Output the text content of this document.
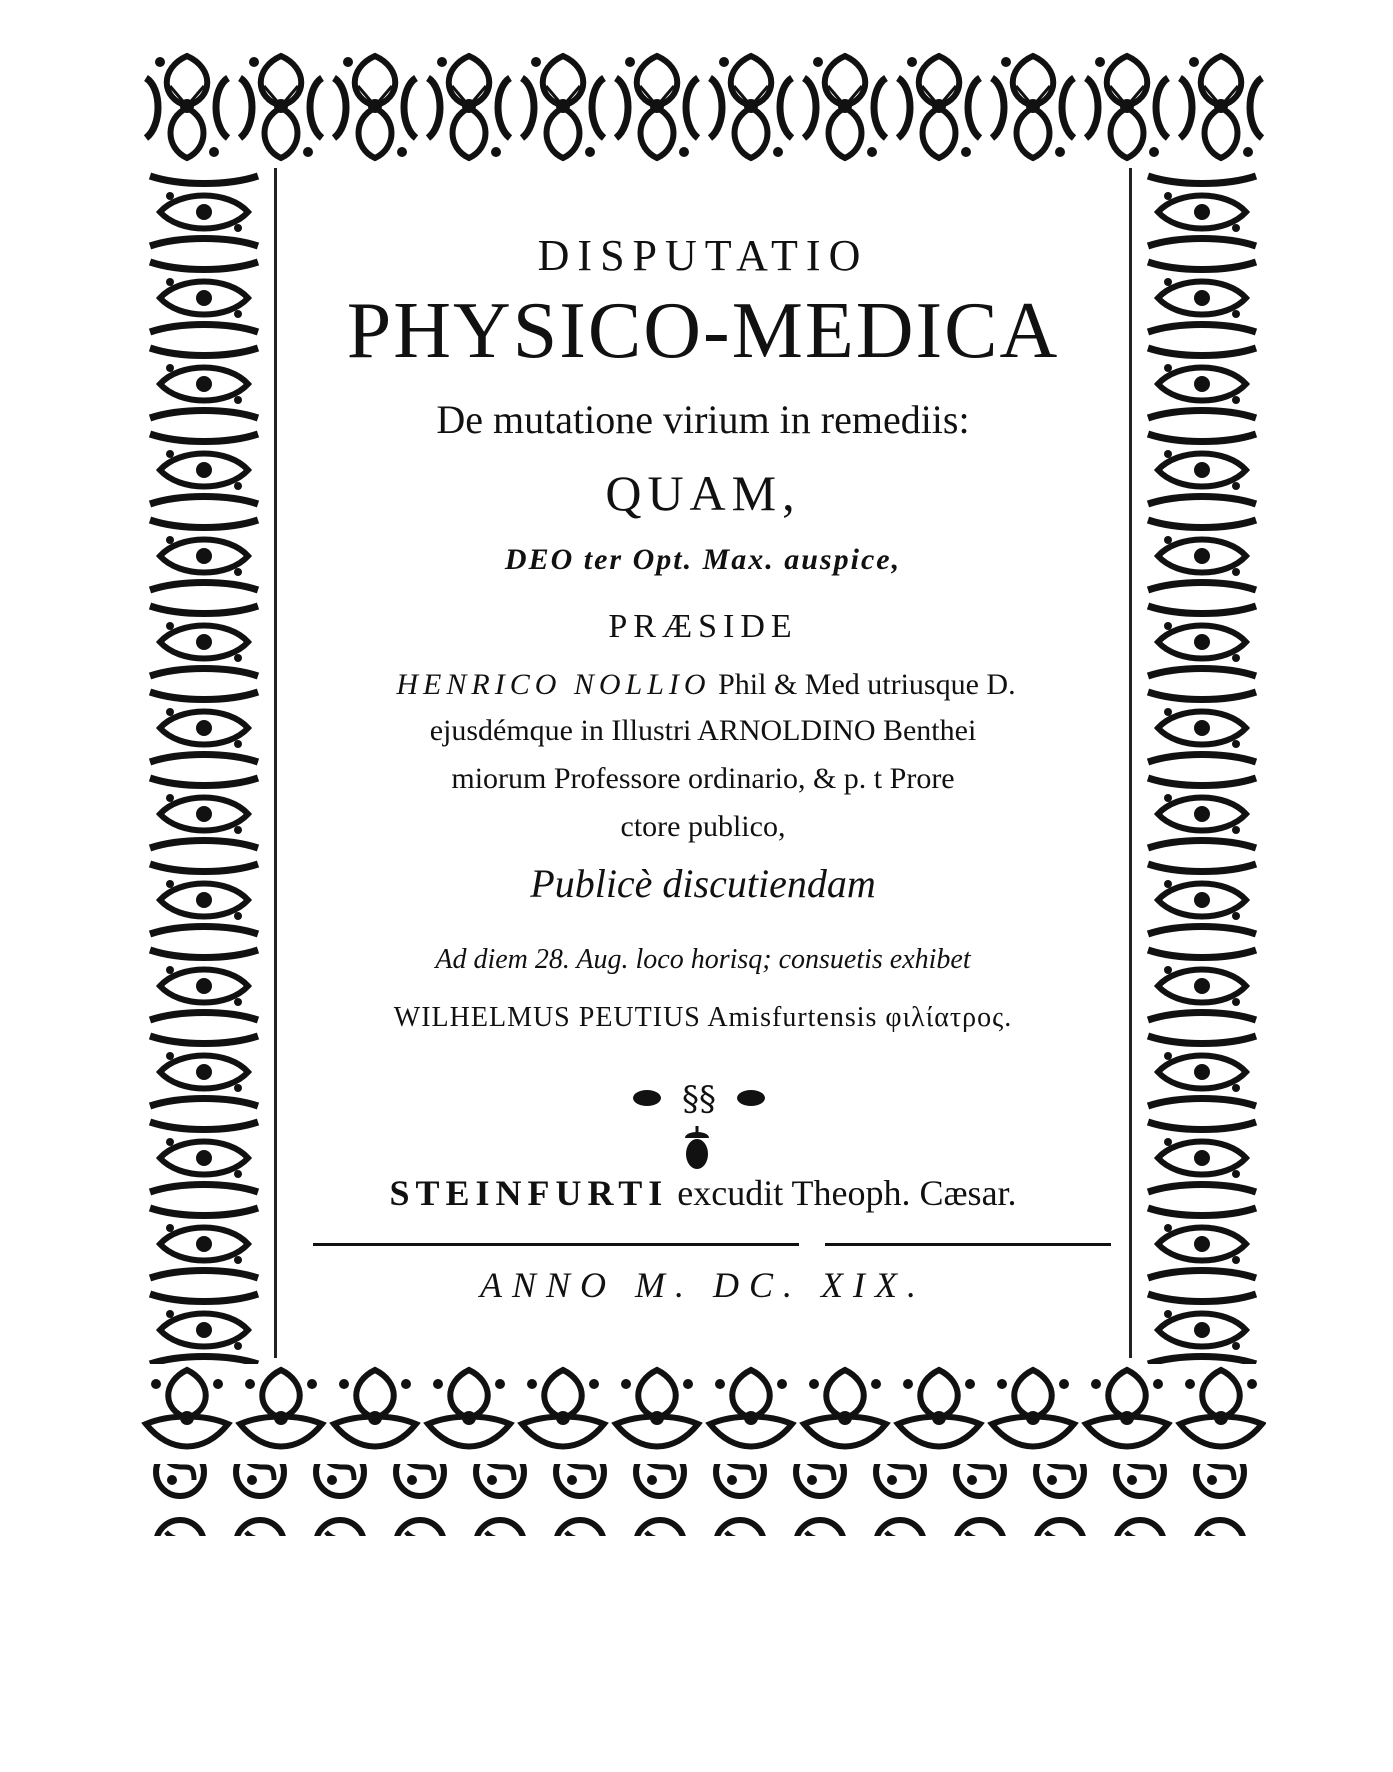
DISPUTATIO
PHYSICO-MEDICA
De mutatione virium in remediis:
QUAM,
DEO ter Opt. Max. auspice,
PRÆSIDE
HENRICO NOLLIO Phil & Med utriusque D.
ejusdémque in Illustri ARNOLDINO Benthei
miorum Professore ordinario, & p. t Prore
ctore publico,
Publicè discutiendam
Ad diem 28. Aug. loco horisq; consuetis exhibet
WILHELMUS PEUTIUS Amisfurtensis φιλίατρος.
§§
STEINFURTI excudit Theoph. Cæsar.
ANNO M. DC. XIX.
